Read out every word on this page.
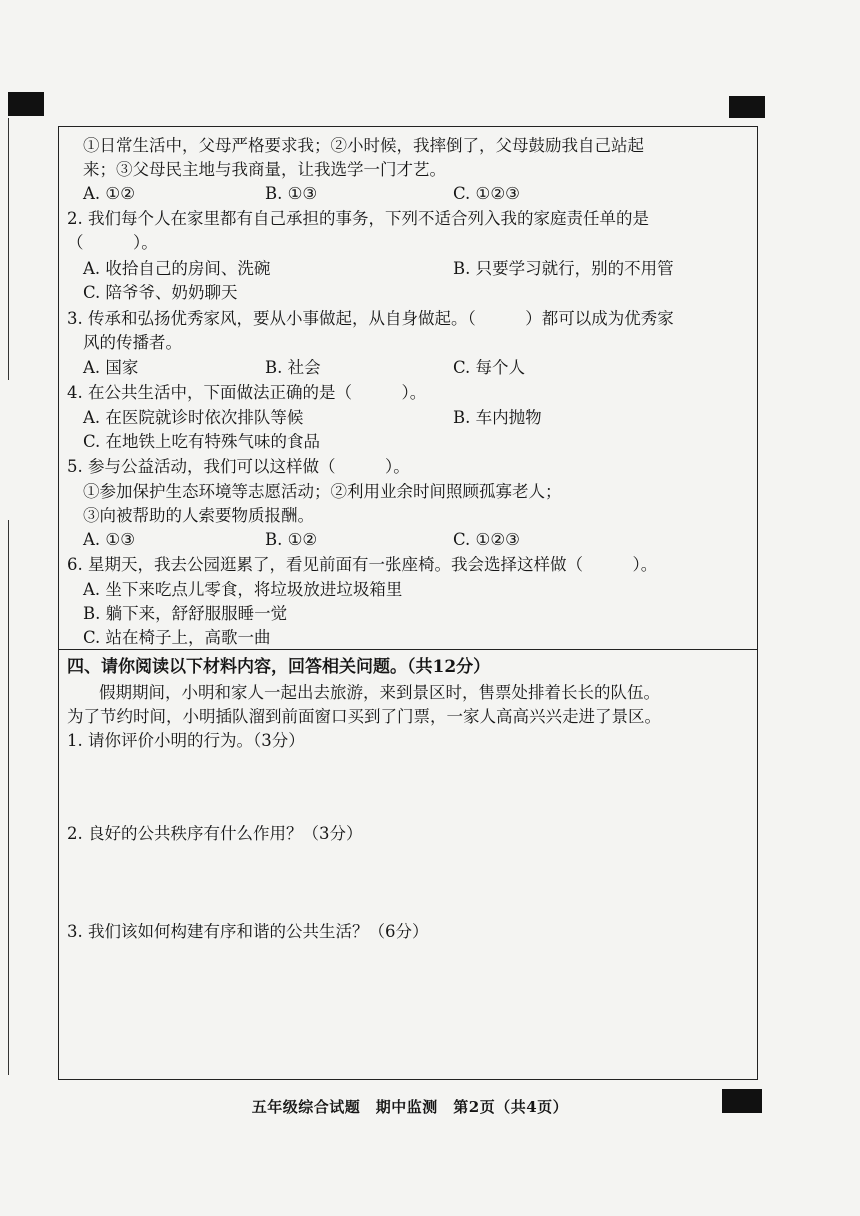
①日常生活中，父母严格要求我；②小时候，我摔倒了，父母鼓励我自己站起
来；③父母民主地与我商量，让我选学一门才艺。
A. ①②	B. ①③	C. ①②③
2. 我们每个人在家里都有自己承担的事务，下列不适合列入我的家庭责任单的是
（　　　）。
A. 收拾自己的房间、洗碗	B. 只要学习就行，别的不用管
C. 陪爷爷、奶奶聊天
3. 传承和弘扬优秀家风，要从小事做起，从自身做起。（　　　）都可以成为优秀家
风的传播者。
A. 国家	B. 社会	C. 每个人
4. 在公共生活中，下面做法正确的是（　　　）。
A. 在医院就诊时依次排队等候	B. 车内抛物
C. 在地铁上吃有特殊气味的食品
5. 参与公益活动，我们可以这样做（　　　）。
①参加保护生态环境等志愿活动；②利用业余时间照顾孤寡老人；
③向被帮助的人索要物质报酬。
A. ①③	B. ①②	C. ①②③
6. 星期天，我去公园逛累了，看见前面有一张座椅。我会选择这样做（　　　）。
A. 坐下来吃点儿零食，将垃圾放进垃圾箱里
B. 躺下来，舒舒服服睡一觉
C. 站在椅子上，高歌一曲
四、请你阅读以下材料内容，回答相关问题。（共12分）
假期期间，小明和家人一起出去旅游，来到景区时，售票处排着长长的队伍。
为了节约时间，小明插队溜到前面窗口买到了门票，一家人高高兴兴走进了景区。
1. 请你评价小明的行为。（3分）
2. 良好的公共秩序有什么作用？（3分）
3. 我们该如何构建有序和谐的公共生活？（6分）
五年级综合试题　期中监测　第2页（共4页）
